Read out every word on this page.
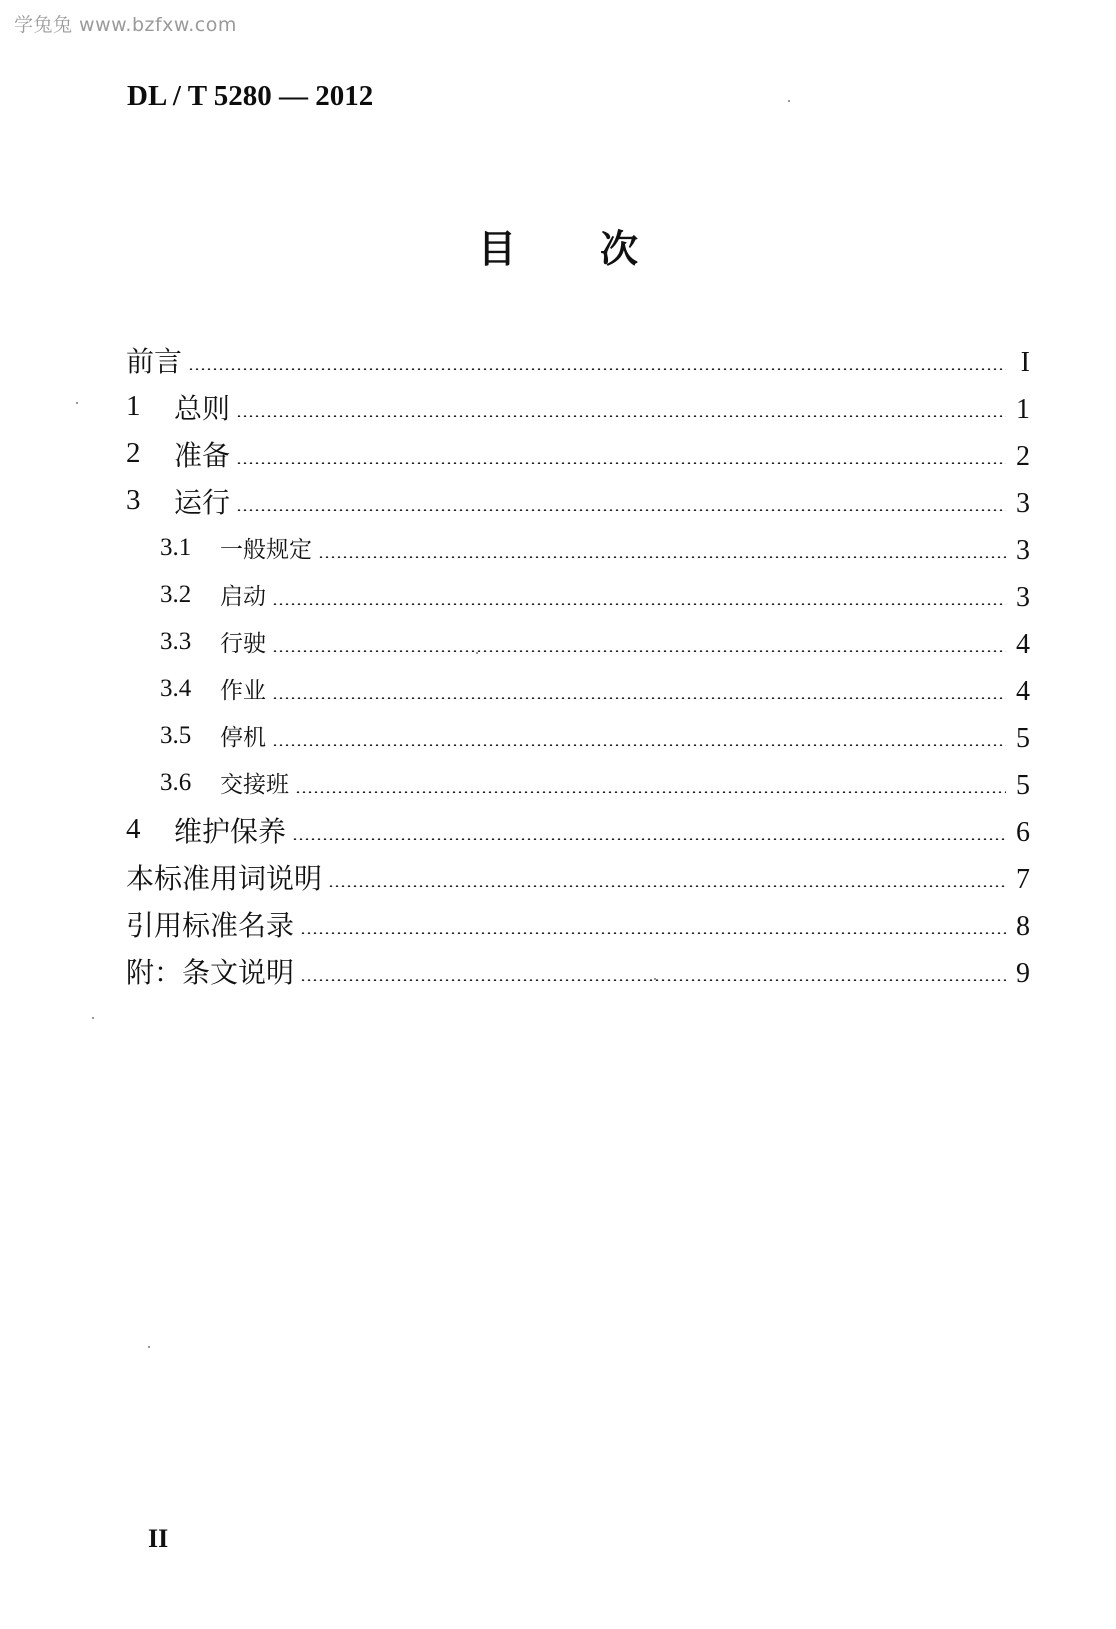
学兔兔 www.bzfxw.com
DL / T 5280 — 2012
目次
前言	I
1	总则	1
2	准备	2
3	运行	3
3.1	一般规定	3
3.2	启动	3
3.3	行驶	4
3.4	作业	4
3.5	停机	5
3.6	交接班	5
4	维护保养	6
本标准用词说明	7
引用标准名录	8
附：条文说明	9
II
